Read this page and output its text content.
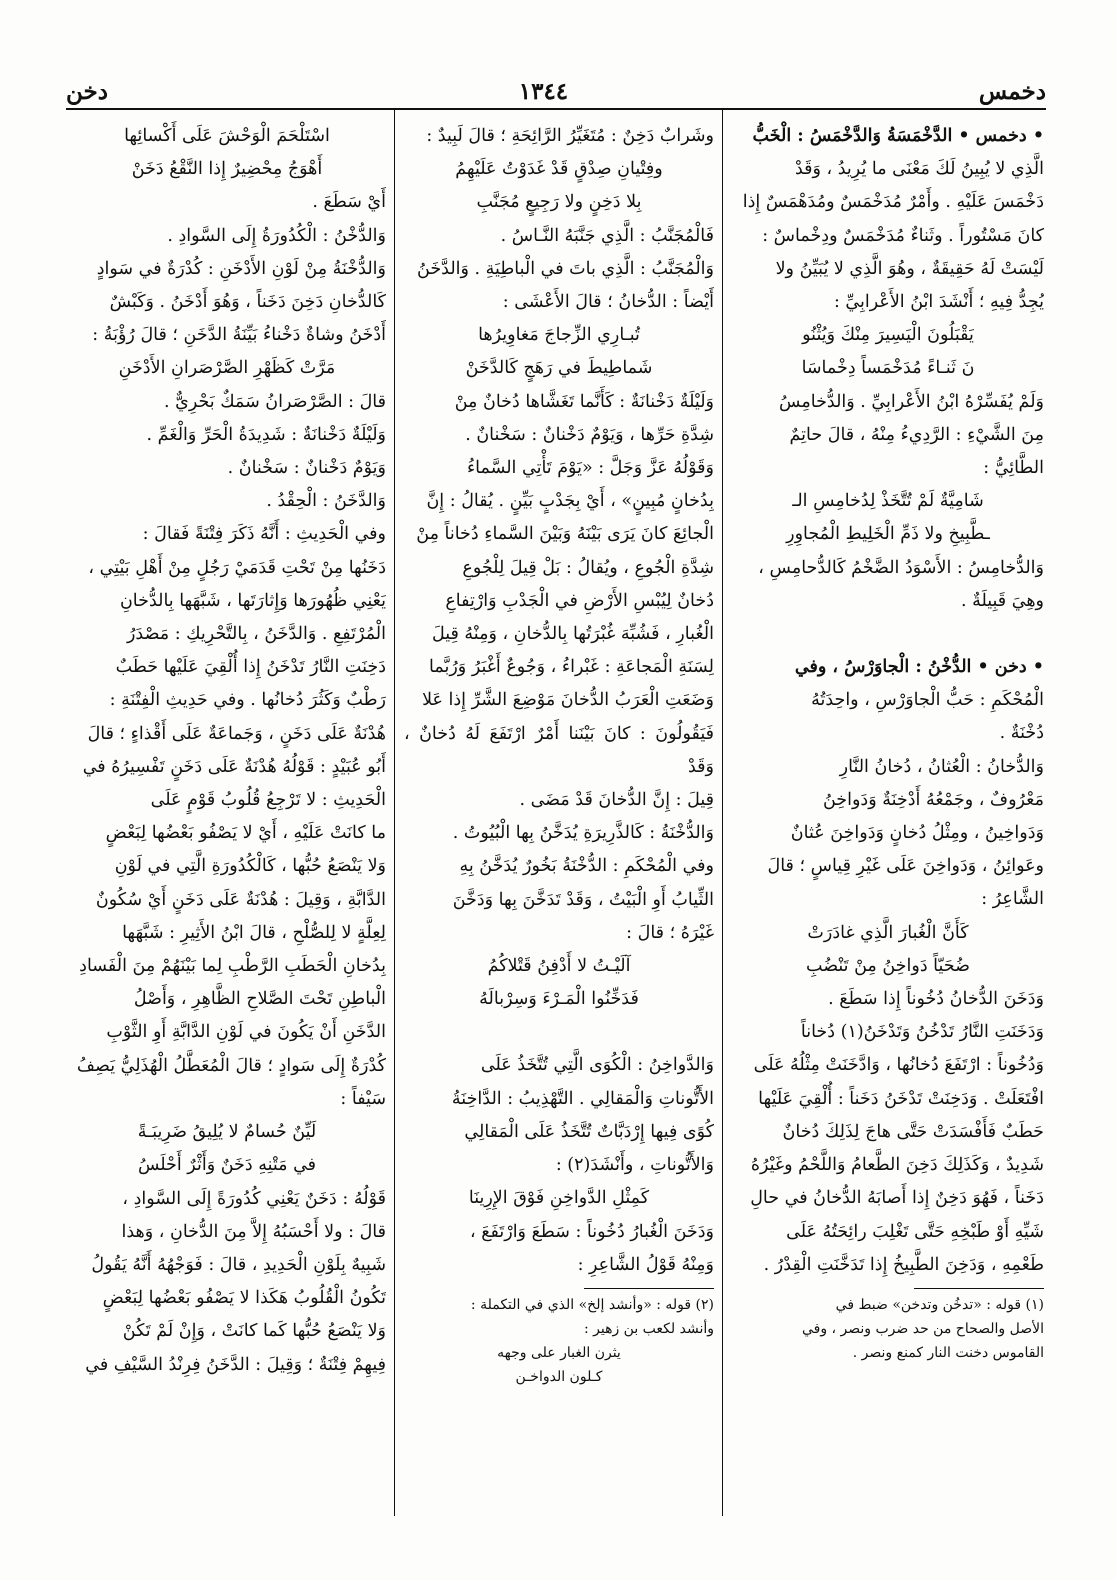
دخمس
١٣٤٤
دخن

• دخمس • الدَّخْمَسَةُ وَالدَّخْمَسُ : الْخَبُّ

الَّذِي لا يُبِينُ لَكَ مَعْنَى ما يُرِيدُ ، وَقَدْ

دَخْمَسَ عَلَيْهِ . وأَمْرٌ مُدَخْمَسٌ ومُدَهْمَسٌ إِذا

كانَ مَسْتُوراً . وثَناءٌ مُدَخْمَسٌ ودِخْماسٌ :

لَيْسَتْ لَهُ حَقِيقَةٌ ، وهُوَ الَّذِي لا يُبَيِّنُ ولا

يُجِدُّ فِيهِ ؛ أَنْشَدَ ابْنُ الأَعْرابِيِّ :

يَقْبَلُونَ الْيَسِيرَ مِنْكَ وَيُثْنُو

نَ ثَنـاءً مُدَخْمَساً دِخْماسَا

وَلَمْ يُفَسِّرْهُ ابْنُ الأَعْرابِيِّ . وَالدُّخامِسُ

مِنَ الشَّيْءِ : الرَّدِيءُ مِنْهُ ، قالَ حاتِمٌ

الطَّائِيُّ :

شَامِيَّةٌ لَمْ تُتَّخَذْ لِدُخامِسِ الـ

ـطَّبِيخِ ولا ذَمِّ الْخَلِيطِ الْمُجاوِرِ

وَالدُّخامِسُ : الأَسْوَدُ الضَّخْمُ كَالدُّحامِسِ ،

وهِيَ قَبِيلَةٌ .

• دخن • الدُّخْنُ : الْجاوَرْسُ ، وفي

الْمُحْكَمِ : حَبُّ الْجاوَرْسِ ، واحِدَتُهُ

دُخْنَةٌ .

وَالدُّخانُ : الْعُثانُ ، دُخانُ النَّارِ

مَعْرُوفٌ ، وجَمْعُهُ أَدْخِنَةٌ وَدَواخِنُ

وَدَواخِينُ ، ومِثْلُ دُخانٍ وَدَواخِنَ عُثانٌ

وعَوائِنُ ، وَدَواخِنَ عَلَى غَيْرِ قِياسٍ ؛ قالَ

الشَّاعِرُ :

كَأَنَّ الْغُبارَ الَّذِي غادَرَتْ

ضُحَيّاً دَواخِنُ مِنْ تَنْضُبِ

وَدَخَنَ الدُّخانُ دُخُوناً إِذا سَطَعَ .

وَدَخَنَتِ النَّارُ تَدْخُنُ وَتَدْخَنُ(١) دُخاناً

وَدُخُوناً : ارْتَفَعَ دُخانُها ، وَادَّخَنَتْ مِثْلُهُ عَلَى

افْتَعَلَتْ . وَدَخِنَتْ تَدْخَنُ دَخَناً : أُلْقِيَ عَلَيْها

حَطَبٌ فَأَفْسَدَتْ حَتَّى هاجَ لِذَلِكَ دُخانٌ

شَدِيدٌ ، وَكَذَلِكَ دَخِنَ الطَّعامُ وَاللَّحْمُ وغَيْرُهُ

دَخَناً ، فَهُوَ دَخِنٌ إِذا أَصابَهُ الدُّخانُ في حالِ

شَيِّهِ أَوْ طَبْخِهِ حَتَّى تَغْلِبَ رائِحَتُهُ عَلَى

طَعْمِهِ ، وَدَخِنَ الطَّبِيخُ إِذا تَدَخَّنَتِ الْقِدْرُ .

(١) قوله : «تدخُن وتدخن» ضبط في

الأصل والصحاح من حد ضرب ونصر ، وفي

القاموس دخنت النار كمنع ونصر .

وشَرابٌ دَخِنٌ : مُتَغَيِّرُ الرَّائِحَةِ ؛ قالَ لَبِيدٌ :

وفِتْيانِ صِدْقٍ قَدْ غَدَوْتُ عَلَيْهِمُ

بِلا دَخِنٍ ولا رَجِيعٍ مُجَنَّبِ

فَالْمُجَنَّبُ : الَّذِي جَنَّبَهُ النَّـاسُ .

وَالْمُجَنَّبُ : الَّذِي باتَ في الْباطِيَةِ . وَالدَّخَنُ

أَيْضاً : الدُّخانُ ؛ قالَ الأَعْشَى :

تُبـارِي الزِّجاجَ مَغاوِيرُها

شَماطِيطَ في رَهَجٍ كَالدَّخَنْ

وَلَيْلَةٌ دَخْنانَةٌ : كَأَنَّما تَغَشَّاها دُخانٌ مِنْ

شِدَّةِ حَرِّها ، وَيَوْمٌ دَخْنانٌ : سَخْنانٌ .

وَقَوْلُهُ عَزَّ وَجَلَّ : «يَوْمَ تَأْتِي السَّماءُ

بِدُخانٍ مُبِينٍ» ، أَيْ بِجَدْبٍ بَيِّنٍ . يُقالُ : إِنَّ

الْجائِعَ كانَ يَرَى بَيْنَهُ وَبَيْنَ السَّماءِ دُخاناً مِنْ

شِدَّةِ الْجُوعِ ، ويُقالُ : بَلْ قِيلَ لِلْجُوعِ

دُخانٌ لِيُبْسِ الأَرْضِ في الْجَدْبِ وَارْتِفاعِ

الْغُبارِ ، فَشُبِّهَ غُبْرَتُها بِالدُّخانِ ، وَمِنْهُ قِيلَ

لِسَنَةِ الْمَجاعَةِ : غَبْراءُ ، وَجُوعٌ أَغْبَرُ وَرُبَّما

وَضَعَتِ الْعَرَبُ الدُّخانَ مَوْضِعَ الشَّرِّ إِذا عَلا

فَيَقُولُونَ : كانَ بَيْنَنا أَمْرٌ ارْتَفَعَ لَهُ دُخانٌ ، وَقَدْ

قِيلَ : إِنَّ الدُّخانَ قَدْ مَضَى .

وَالدُّخْنَةُ : كَالذَّرِيرَةِ يُدَخَّنُ بِها الْبُيُوتُ .

وفي الْمُحْكَمِ : الدُّخْنَةُ بَخُورٌ يُدَخَّنُ بِهِ

الثِّيابُ أَوِ الْبَيْتُ ، وَقَدْ تَدَخَّنَ بِها وَدَخَّنَ

غَيْرَهُ ؛ قالَ :

آلَيْـتُ لا أَدْفِنُ قَتْلاكُمُ

فَدَخِّنُوا الْمَـرْءَ وَسِرْبالَهُ

وَالدَّواخِنُ : الْكُوَى الَّتِي تُتَّخَذُ عَلَى

الأَتُّوناتِ وَالْمَقالِي . التَّهْذِيبُ : الدَّاخِنَةُ

كُوًى فِيها إِرْدَبَّاتٌ تُتَّخَذُ عَلَى الْمَقالِي

وَالأَتُّوناتِ ، وأَنْشَدَ(٢) :

كَمِثْلِ الدَّواخِنِ فَوْقَ الإِرِينَا

وَدَخَنَ الْغُبارُ دُخُوناً : سَطَعَ وَارْتَفَعَ ،

وَمِنْهُ قَوْلُ الشَّاعِرِ :

(٢) قوله : «وأنشد إلخ» الذي في التكملة :

وأنشد لكعب بن زهير :

يثرن الغبار على وجهه

كـلون الدواخـن

اسْتَلْحَمَ الْوَحْشَ عَلَى أَكْسائِها

أَهْوَجُ مِحْضِيرٌ إِذا النَّقْعُ دَخَنْ

أَيْ سَطَعَ .

وَالدُّخْنُ : الْكُدُورَةُ إِلَى السَّوادِ .

وَالدُّخْنَةُ مِنْ لَوْنِ الأَدْخَنِ : كُدْرَةٌ في سَوادٍ

كَالدُّخانِ دَخِنَ دَخَناً ، وَهُوَ أَدْخَنُ . وَكَبْشٌ

أَدْخَنُ وشاةٌ دَخْناءُ بَيِّنَةُ الدَّخَنِ ؛ قالَ رُؤْبَةُ :

مَرَّتْ كَظَهْرِ الصَّرْصَرانِ الأَدْخَنِ

قالَ : الصَّرْصَرانُ سَمَكٌ بَحْرِيٌّ .

وَلَيْلَةٌ دَخْنانَةٌ : شَدِيدَةُ الْحَرِّ وَالْغَمِّ .

وَيَوْمٌ دَخْنانٌ : سَخْنانٌ .

وَالدَّخَنُ : الْحِقْدُ .

وفي الْحَدِيثِ : أَنَّهُ ذَكَرَ فِتْنَةً فَقالَ :

دَخَنُها مِنْ تَحْتِ قَدَمَيْ رَجُلٍ مِنْ أَهْلِ بَيْتِي ،

يَعْنِي ظُهُورَها وَإِثارَتَها ، شَبَّهَها بِالدُّخانِ

الْمُرْتَفِعِ . وَالدَّخَنُ ، بِالتَّحْرِيكِ : مَصْدَرُ

دَخِنَتِ النَّارُ تَدْخَنُ إِذا أُلْقِيَ عَلَيْها حَطَبٌ

رَطْبٌ وَكَثُرَ دُخانُها . وفي حَدِيثِ الْفِتْنَةِ :

هُدْنَةٌ عَلَى دَخَنٍ ، وَجَماعَةٌ عَلَى أَقْذاءٍ ؛ قالَ

أَبُو عُبَيْدٍ : قَوْلُهُ هُدْنَةٌ عَلَى دَخَنٍ تَفْسِيرُهُ في

الْحَدِيثِ : لا تَرْجِعُ قُلُوبُ قَوْمٍ عَلَى

ما كانَتْ عَلَيْهِ ، أَيْ لا يَصْفُو بَعْضُها لِبَعْضٍ

وَلا يَنْصَعُ حُبُّها ، كَالْكُدُورَةِ الَّتِي في لَوْنِ

الدَّابَّةِ ، وَقِيلَ : هُدْنَةٌ عَلَى دَخَنٍ أَيْ سُكُونٌ

لِعِلَّةٍ لا لِلصُّلْحِ ، قالَ ابْنُ الأَثِيرِ : شَبَّهَها

بِدُخانِ الْحَطَبِ الرَّطْبِ لِما بَيْنَهُمْ مِنَ الْفَسادِ

الْباطِنِ تَحْتَ الصَّلاحِ الظَّاهِرِ ، وَأَصْلُ

الدَّخَنِ أَنْ يَكُونَ في لَوْنِ الدَّابَّةِ أَوِ الثَّوْبِ

كُدْرَةٌ إِلَى سَوادٍ ؛ قالَ الْمُعَطَّلُ الْهُذَلِيُّ يَصِفُ

سَيْفاً :

لَيِّنٌ حُسامٌ لا يُلِيقُ ضَرِيبَـةً

في مَتْنِهِ دَخَنٌ وَأَثْرٌ أَحْلَسُ

قَوْلُهُ : دَخَنٌ يَعْنِي كُدُورَةً إِلَى السَّوادِ ،

قالَ : ولا أَحْسَبُهُ إِلاَّ مِنَ الدُّخانِ ، وَهذا

شَبِيهٌ بِلَوْنِ الْحَدِيدِ ، قالَ : فَوَجْهُهُ أَنَّهُ يَقُولُ

تَكُونُ الْقُلُوبُ هَكَذا لا يَصْفُو بَعْضُها لِبَعْضٍ

وَلا يَنْصَعُ حُبُّها كَما كانَتْ ، وَإِنْ لَمْ تَكُنْ

فِيهِمْ فِتْنَةٌ ؛ وَقِيلَ : الدَّخَنُ فِرِنْدُ السَّيْفِ في
